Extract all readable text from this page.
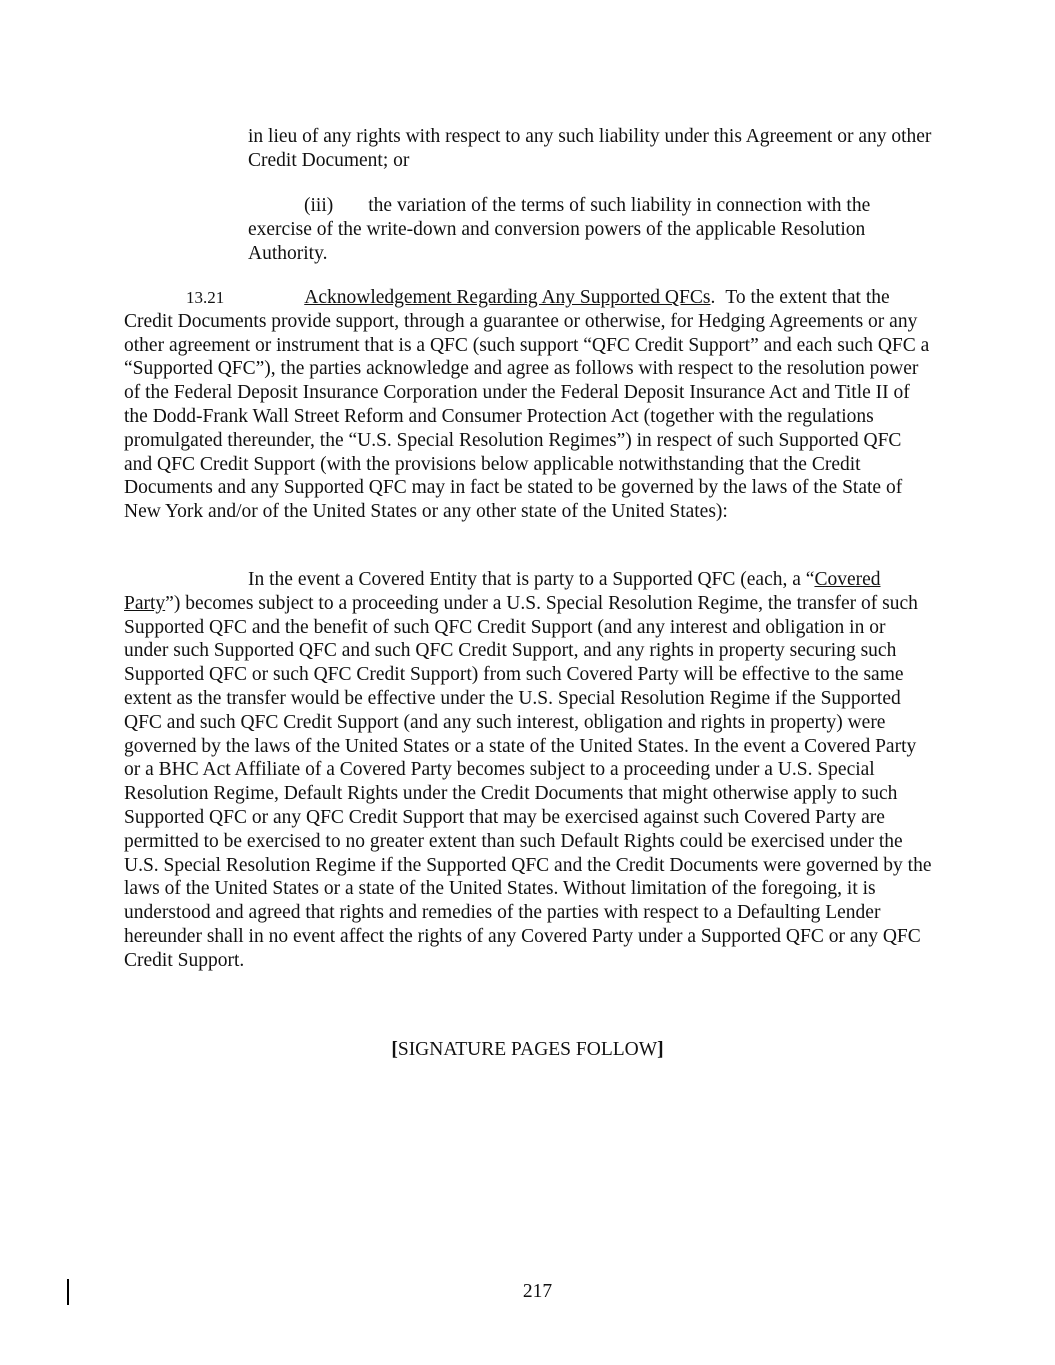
in lieu of any rights with respect to any such liability under this Agreement or any other Credit Document; or

(iii) the variation of the terms of such liability in connection with the exercise of the write-down and conversion powers of the applicable Resolution Authority.

13.21	Acknowledgement Regarding Any Supported QFCs. To the extent that the Credit Documents provide support, through a guarantee or otherwise, for Hedging Agreements or any other agreement or instrument that is a QFC (such support “QFC Credit Support” and each such QFC a “Supported QFC”), the parties acknowledge and agree as follows with respect to the resolution power of the Federal Deposit Insurance Corporation under the Federal Deposit Insurance Act and Title II of the Dodd-Frank Wall Street Reform and Consumer Protection Act (together with the regulations promulgated thereunder, the “U.S. Special Resolution Regimes”) in respect of such Supported QFC and QFC Credit Support (with the provisions below applicable notwithstanding that the Credit Documents and any Supported QFC may in fact be stated to be governed by the laws of the State of New York and/or of the United States or any other state of the United States):

In the event a Covered Entity that is party to a Supported QFC (each, a “Covered Party”) becomes subject to a proceeding under a U.S. Special Resolution Regime, the transfer of such Supported QFC and the benefit of such QFC Credit Support (and any interest and obligation in or under such Supported QFC and such QFC Credit Support, and any rights in property securing such Supported QFC or such QFC Credit Support) from such Covered Party will be effective to the same extent as the transfer would be effective under the U.S. Special Resolution Regime if the Supported QFC and such QFC Credit Support (and any such interest, obligation and rights in property) were governed by the laws of the United States or a state of the United States. In the event a Covered Party or a BHC Act Affiliate of a Covered Party becomes subject to a proceeding under a U.S. Special Resolution Regime, Default Rights under the Credit Documents that might otherwise apply to such Supported QFC or any QFC Credit Support that may be exercised against such Covered Party are permitted to be exercised to no greater extent than such Default Rights could be exercised under the U.S. Special Resolution Regime if the Supported QFC and the Credit Documents were governed by the laws of the United States or a state of the United States. Without limitation of the foregoing, it is understood and agreed that rights and remedies of the parties with respect to a Defaulting Lender hereunder shall in no event affect the rights of any Covered Party under a Supported QFC or any QFC Credit Support.

[SIGNATURE PAGES FOLLOW]
217
